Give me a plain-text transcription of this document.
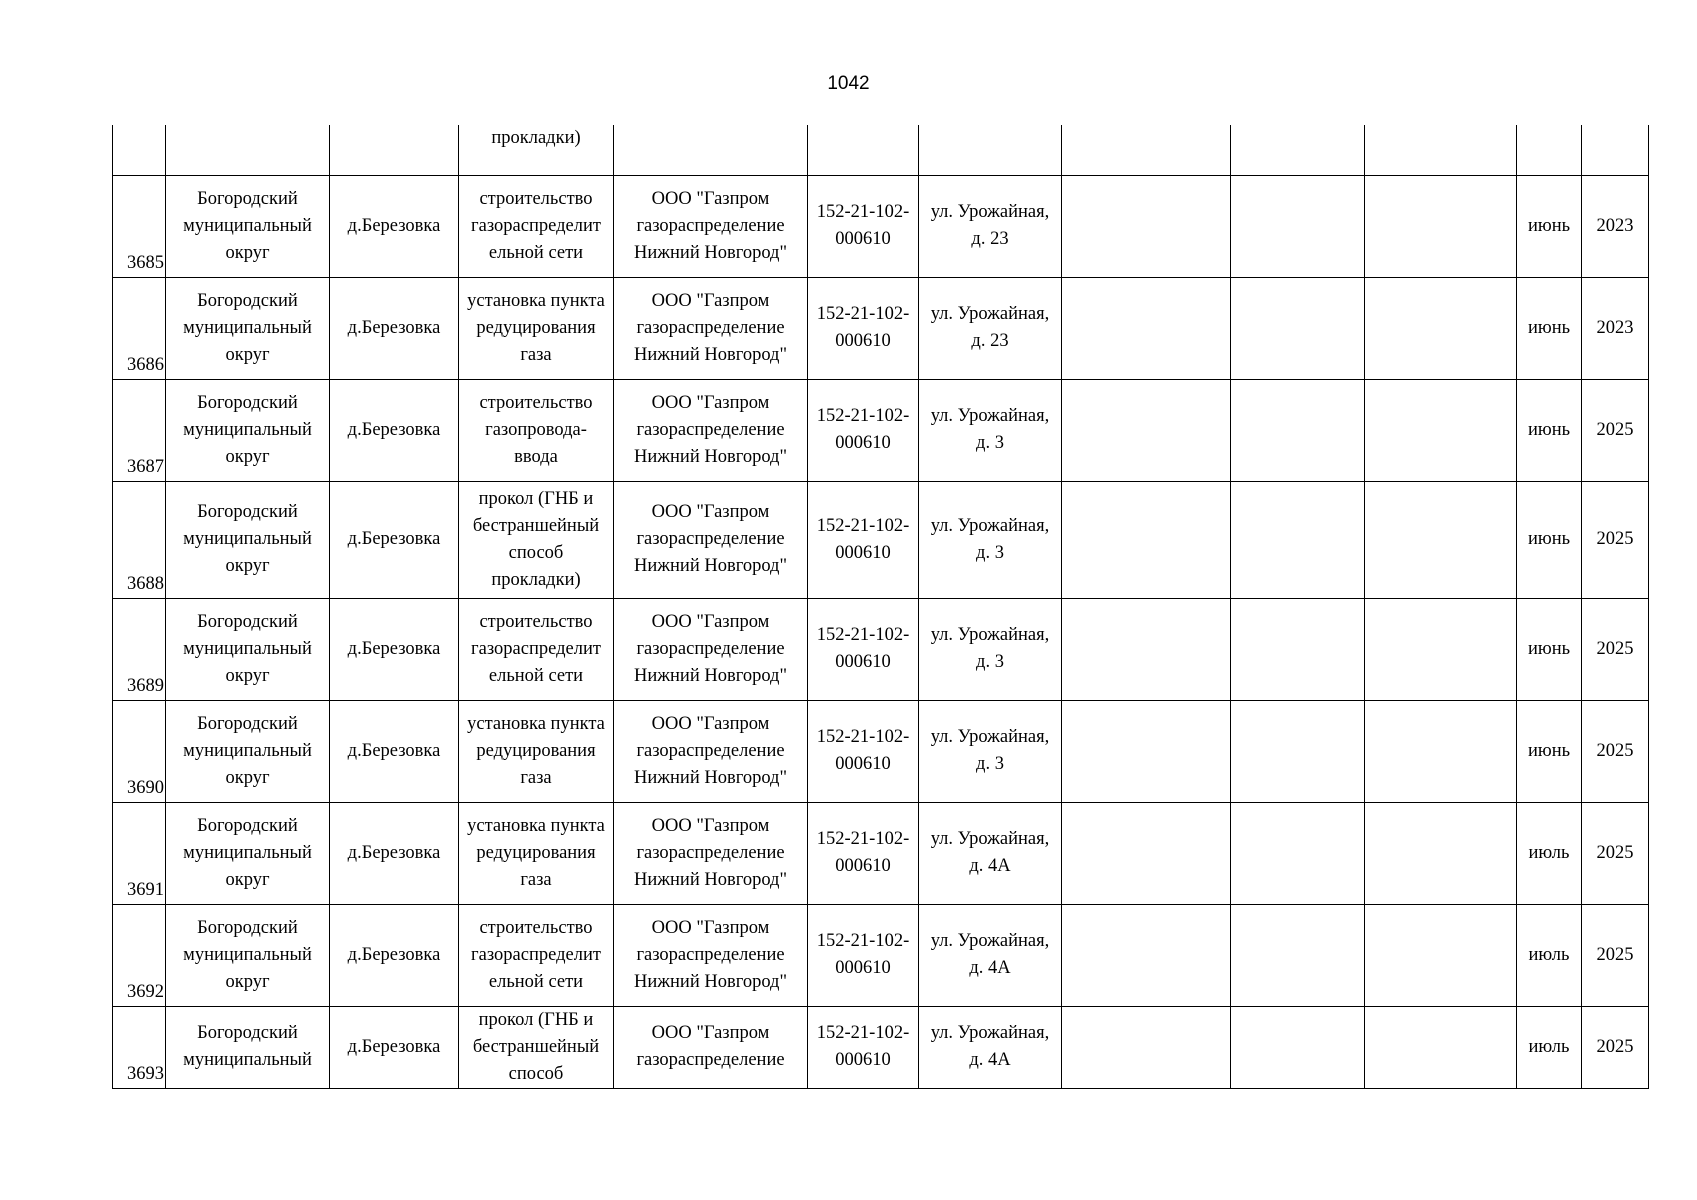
1042

			прокладки)								

3685	Богородский
муниципальный
округ	д.Березовка	строительство
газораспределит
ельной сети	ООО "Газпром
газораспределение
Нижний Новгород"	152-21-102-
000610	ул. Урожайная,
д. 23				июнь	2023

3686	Богородский
муниципальный
округ	д.Березовка	установка пункта
редуцирования
газа	ООО "Газпром
газораспределение
Нижний Новгород"	152-21-102-
000610	ул. Урожайная,
д. 23				июнь	2023

3687	Богородский
муниципальный
округ	д.Березовка	строительство
газопровода-
ввода	ООО "Газпром
газораспределение
Нижний Новгород"	152-21-102-
000610	ул. Урожайная,
д. 3				июнь	2025

3688	Богородский
муниципальный
округ	д.Березовка	прокол (ГНБ и
бестраншейный
способ
прокладки)	ООО "Газпром
газораспределение
Нижний Новгород"	152-21-102-
000610	ул. Урожайная,
д. 3				июнь	2025

3689	Богородский
муниципальный
округ	д.Березовка	строительство
газораспределит
ельной сети	ООО "Газпром
газораспределение
Нижний Новгород"	152-21-102-
000610	ул. Урожайная,
д. 3				июнь	2025

3690	Богородский
муниципальный
округ	д.Березовка	установка пункта
редуцирования
газа	ООО "Газпром
газораспределение
Нижний Новгород"	152-21-102-
000610	ул. Урожайная,
д. 3				июнь	2025

3691	Богородский
муниципальный
округ	д.Березовка	установка пункта
редуцирования
газа	ООО "Газпром
газораспределение
Нижний Новгород"	152-21-102-
000610	ул. Урожайная,
д. 4А				июль	2025

3692	Богородский
муниципальный
округ	д.Березовка	строительство
газораспределит
ельной сети	ООО "Газпром
газораспределение
Нижний Новгород"	152-21-102-
000610	ул. Урожайная,
д. 4А				июль	2025

3693	Богородский
муниципальный	д.Березовка	прокол (ГНБ и
бестраншейный
способ	ООО "Газпром
газораспределение	152-21-102-
000610	ул. Урожайная,
д. 4А				июль	2025
